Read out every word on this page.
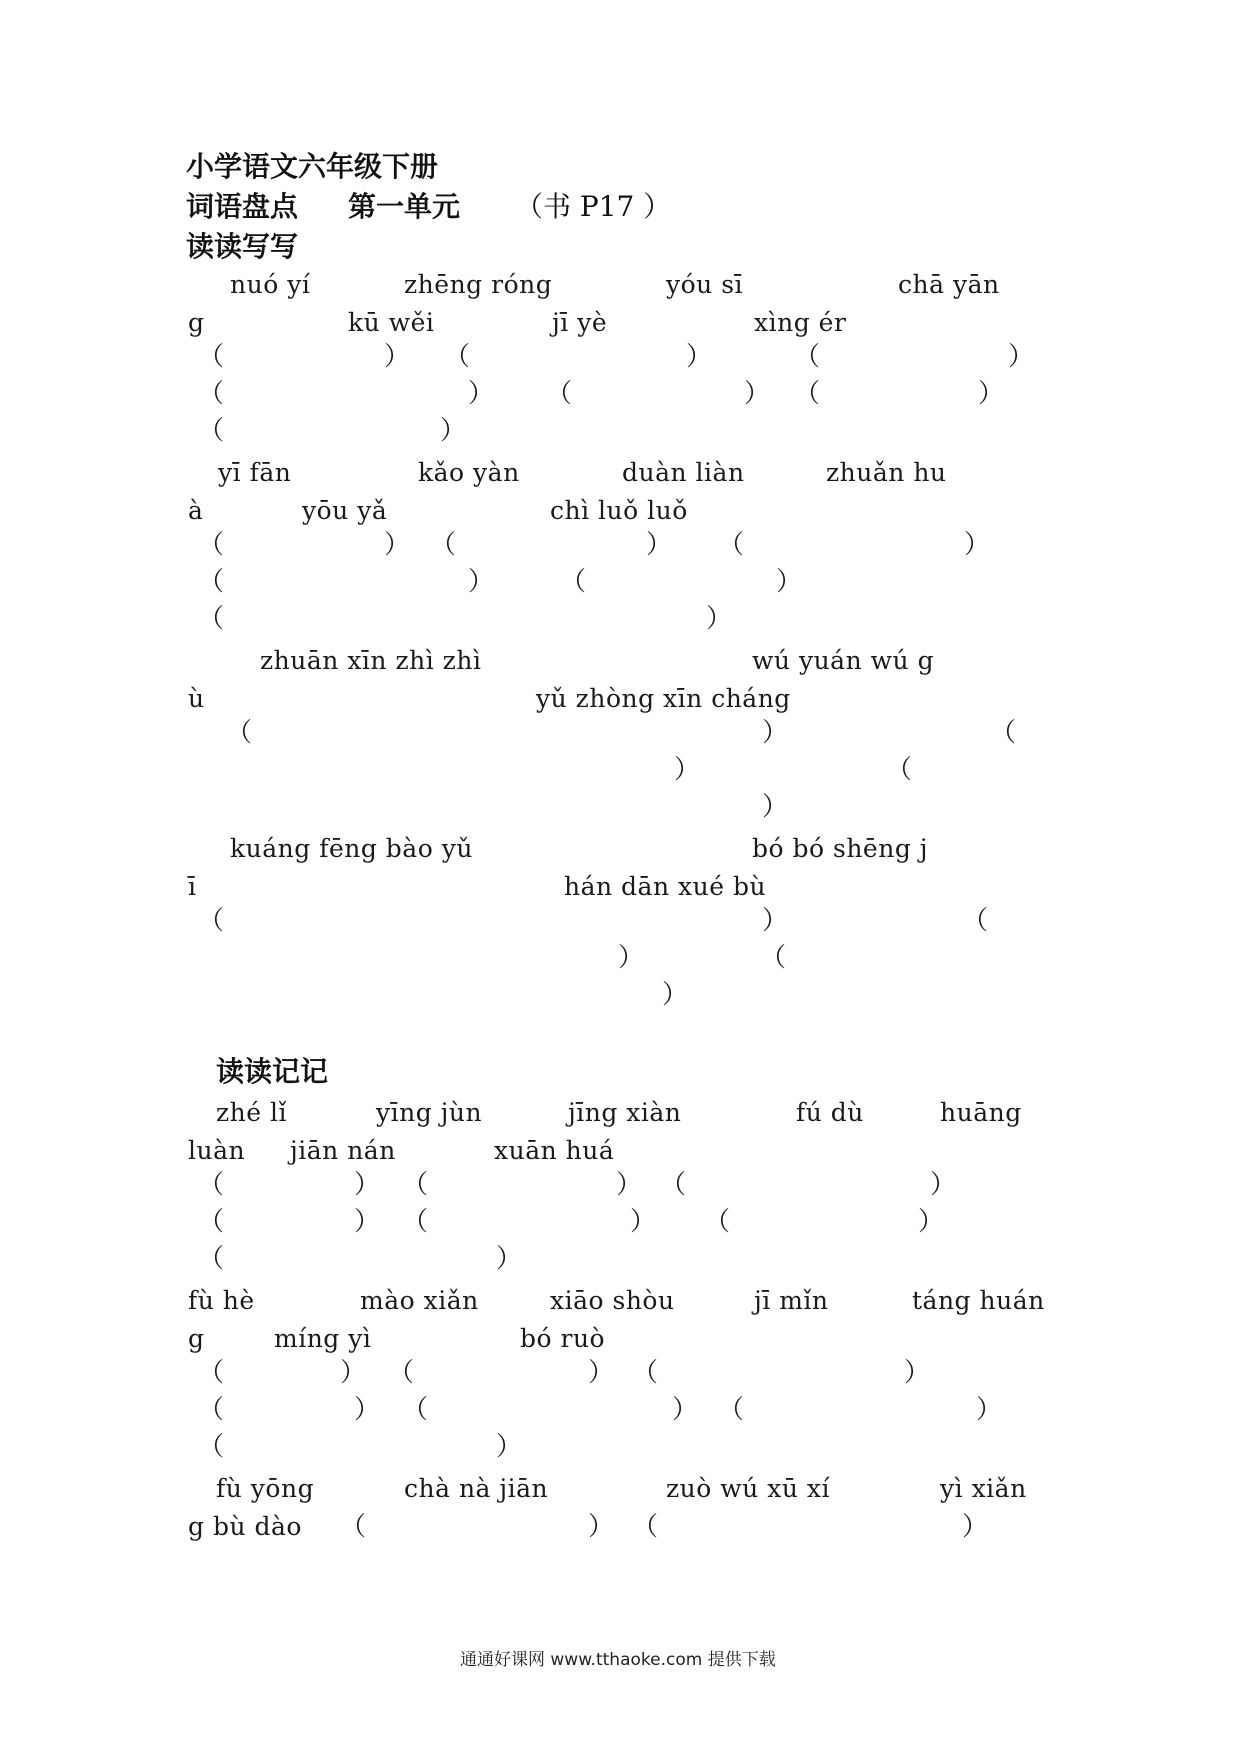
小学语文六年级下册
词语盘点 第一单元 （书 P17 ）
读读写写
nuó yí	zhēng róng	yóu sī	chā yān
g	kū wěi	jī yè	xìng ér
（	） （	）	（	）
（	） （	） （	）
（	）
yī fān	kǎo yàn	duàn liàn	zhuǎn hu
à	yōu yǎ	chì luǒ luǒ
（	） （	） （	）
（	）	（	）
（	）
zhuān xīn zhì zhì	wú yuán wú g
ù	yǔ zhòng xīn cháng
（	）	（
）	（
）
kuáng fēng bào yǔ	bó bó shēng j
ī	hán dān xué bù
（	）	（
）	（
）
读读记记
zhé lǐ	yīng jùn	jīng xiàn	fú dù	huāng
luàn jiān nán	xuān huá
（	） （	） （	）
（	） （	） （	）
（	）
fù hè	mào xiǎn	xiāo shòu	jī mǐn	táng huán
g	míng yì	bó ruò
（	） （	） （	）
（	） （	） （	）
（	）
fù yōng	chà nà jiān	zuò wú xū xí	yì xiǎn
g bù dào （	） （	）
通通好课网 www.tthaoke.com 提供下载
